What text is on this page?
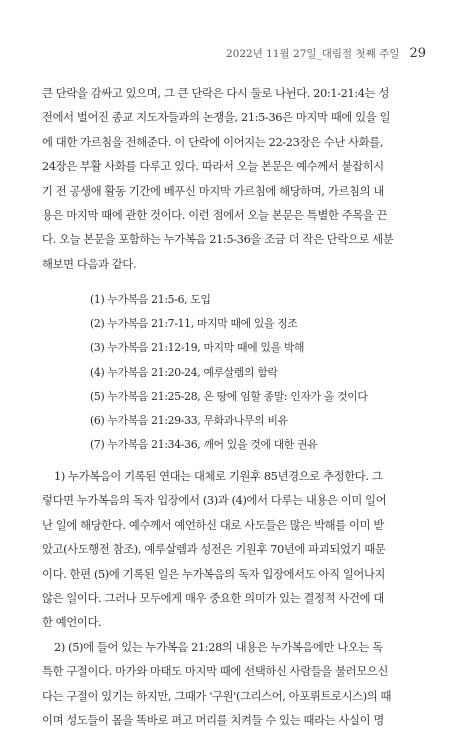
2022년 11월 27일_대림절 첫째 주일 29
큰 단락을 감싸고 있으며, 그 큰 단락은 다시 둘로 나뉜다. 20:1-21:4는 성
전에서 벌어진 종교 지도자들과의 논쟁을, 21:5-36은 마지막 때에 있을 일
에 대한 가르침을 전해준다. 이 단락에 이어지는 22-23장은 수난 사화를,
24장은 부활 사화를 다루고 있다. 따라서 오늘 본문은 예수께서 붙잡히시
기 전 공생애 활동 기간에 베푸신 마지막 가르침에 해당하며, 가르침의 내
용은 마지막 때에 관한 것이다. 이런 점에서 오늘 본문은 특별한 주목을 끈
다. 오늘 본문을 포함하는 누가복음 21:5-36을 조금 더 작은 단락으로 세분
해보면 다음과 같다.
(1) 누가복음 21:5-6, 도입
(2) 누가복음 21:7-11, 마지막 때에 있을 징조
(3) 누가복음 21:12-19, 마지막 때에 있을 박해
(4) 누가복음 21:20-24, 예루살렘의 함락
(5) 누가복음 21:25-28, 온 땅에 임할 종말: 인자가 올 것이다
(6) 누가복음 21:29-33, 무화과나무의 비유
(7) 누가복음 21:34-36, 깨어 있을 것에 대한 권유
1) 누가복음이 기록된 연대는 대체로 기원후 85년경으로 추정한다. 그
렇다면 누가복음의 독자 입장에서 (3)과 (4)에서 다루는 내용은 이미 일어
난 일에 해당한다. 예수께서 예언하신 대로 사도들은 많은 박해를 이미 받
았고(사도행전 참조), 예루살렘과 성전은 기원후 70년에 파괴되었기 때문
이다. 한편 (5)에 기록된 일은 누가복음의 독자 입장에서도 아직 일어나지
않은 일이다. 그러나 모두에게 매우 중요한 의미가 있는 결정적 사건에 대
한 예언이다.
2) (5)에 들어 있는 누가복음 21:28의 내용은 누가복음에만 나오는 독
특한 구절이다. 마가와 마태도 마지막 때에 선택하신 사람들을 불러모으신
다는 구절이 있기는 하지만, 그때가 '구원'(그리스어, 아포뤼트로시스)의 때
이며 성도들이 몸을 똑바로 펴고 머리를 치켜들 수 있는 때라는 사실이 명
